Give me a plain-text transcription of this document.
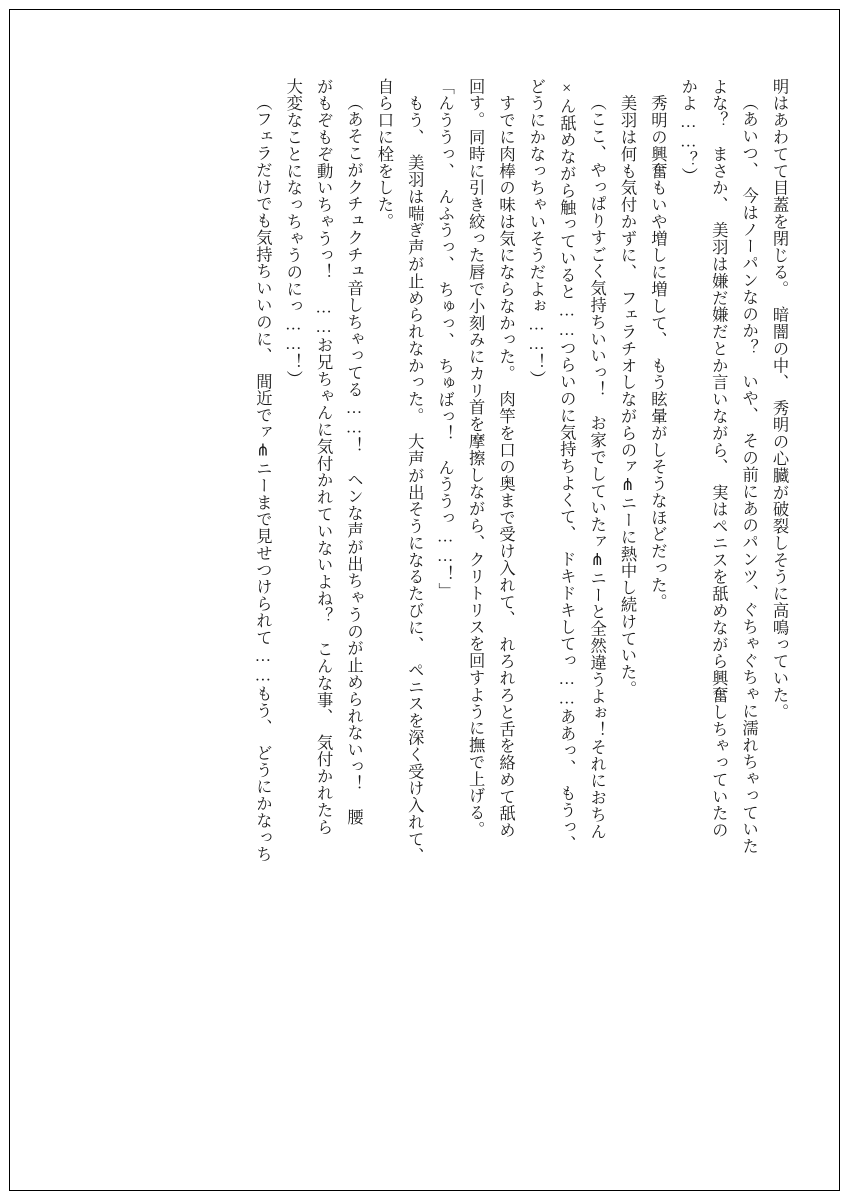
明はあわてて目蓋を閉じる。　暗闇の中、　秀明の心臓が破裂しそうに高鳴っていた。
（あいつ、　今はノーパンなのか？　いや、　その前にあのパンツ、ぐちゃぐちゃに濡れちゃっていた
よな？　まさか、　美羽は嫌だ嫌だとか言いながら、　実はペニスを舐めながら興奮しちゃっていたの
かよ……？）
　秀明の興奮もいや増しに増して、　もう眩暈がしそうなほどだった。
　美羽は何も気付かずに、　フェラチオしながらのァ⋔ニーに熱中し続けていた。
（ここ、やっぱりすごく気持ちいいっ！　お家でしていたァ⋔ニーと全然違うよぉ！それにおちん
×ん舐めながら触っていると……つらいのに気持ちよくて、　ドキドキしてっ……ああっ、　もうっ、
どうにかなっちゃいそうだよぉ……！）
　すでに肉棒の味は気にならなかった。　肉竿を口の奥まで受け入れて、　れろれろと舌を絡めて舐め
回す。同時に引き絞った唇で小刻みにカリ首を摩擦しながら、クリトリスを回すように撫で上げる。
「んううっ、　んふうっ、　ちゅっ、　ちゅばっ！　んううっ……！」
　もう、　美羽は喘ぎ声が止められなかった。　大声が出そうになるたびに、　ペニスを深く受け入れて、
自ら口に栓をした。
（あそこがクチュクチュ音しちゃってる……！　ヘンな声が出ちゃうのが止められないっ！　腰
がもぞもぞ動いちゃうっ！　……お兄ちゃんに気付かれていないよね？　こんな事、　気付かれたら
大変なことになっちゃうのにっ……！）
（フェラだけでも気持ちいいのに、　間近でァ⋔ニーまで見せつけられて……もう、　どうにかなっち
